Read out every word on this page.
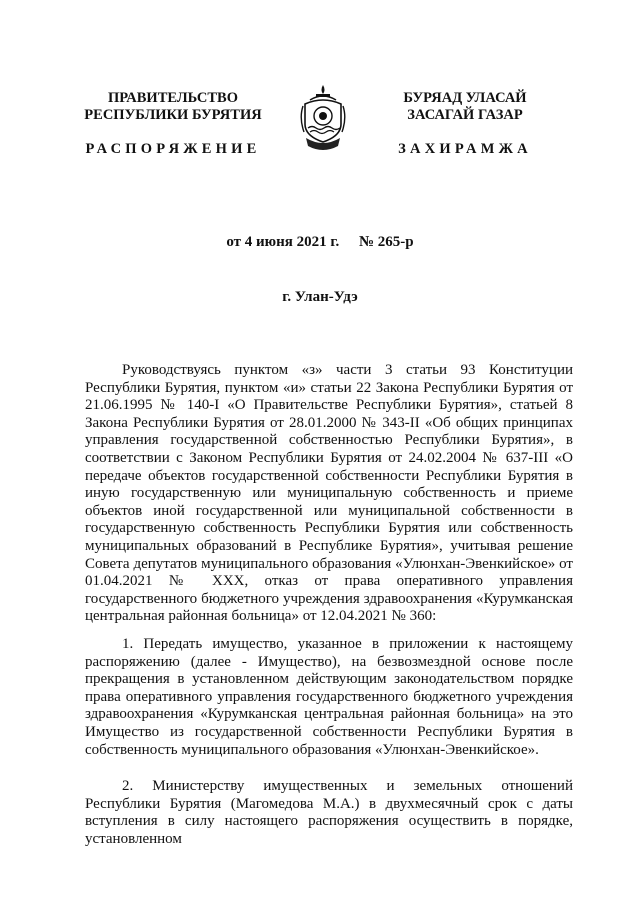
ПРАВИТЕЛЬСТВО
РЕСПУБЛИКИ БУРЯТИЯ
РАСПОРЯЖЕНИЕ
БУРЯАД УЛАСАЙ
ЗАСАГАЙ ГАЗАР
ЗАХИРАМЖА
от 4 июня 2021 г. № 265-р
г. Улан-Удэ

Руководствуясь пунктом «з» части 3 статьи 93 Конституции Республики Бурятия, пунктом «и» статьи 22 Закона Республики Бурятия от 21.06.1995 № 140-I «О Правительстве Республики Бурятия», статьей 8 Закона Республики Бурятия от 28.01.2000 № 343-II «Об общих принципах управления государственной собственностью Республики Бурятия», в соответствии с Законом Республики Бурятия от 24.02.2004 № 637-III «О передаче объектов государственной собственности Республики Бурятия в иную государственную или муниципальную собственность и приеме объектов иной государственной или муниципальной собственности в государственную собственность Республики Бурятия или собственность муниципальных образований в Республике Бурятия», учитывая решение Совета депутатов муниципального образования «Улюнхан-Эвенкийское» от 01.04.2021 № XXX, отказ от права оперативного управления государственного бюджетного учреждения здравоохранения «Курумканская центральная районная больница» от 12.04.2021 № 360:

1. Передать имущество, указанное в приложении к настоящему распоряжению (далее - Имущество), на безвозмездной основе после прекращения в установленном действующим законодательством порядке права оперативного управления государственного бюджетного учреждения здравоохранения «Курумканская центральная районная больница» на это Имущество из государственной собственности Республики Бурятия в собственность муниципального образования «Улюнхан-Эвенкийское».

2. Министерству имущественных и земельных отношений Республики Бурятия (Магомедова М.А.) в двухмесячный срок с даты вступления в силу настоящего распоряжения осуществить в порядке, установленном
